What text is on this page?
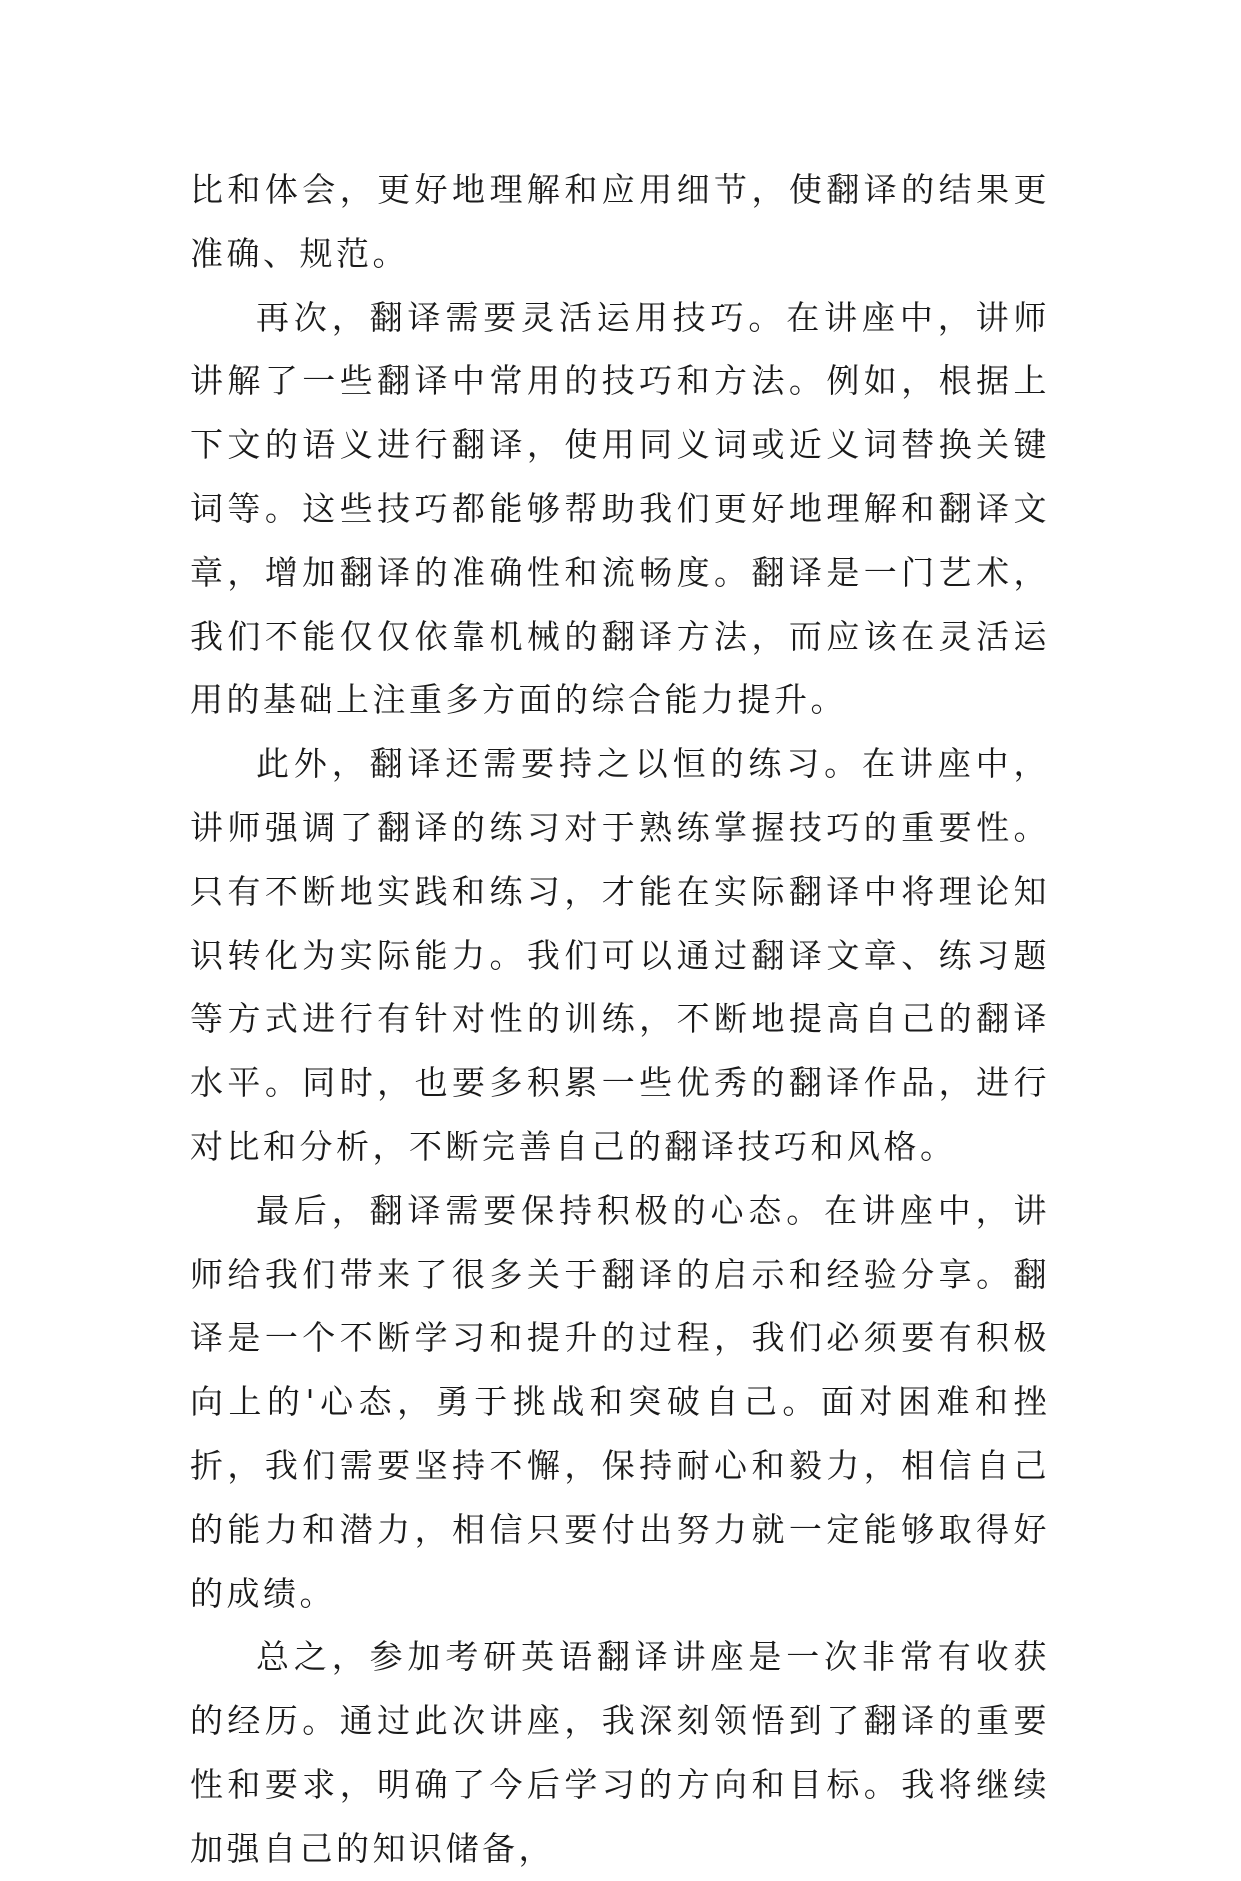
比和体会，更好地理解和应用细节，使翻译的结果更准确、规范。

再次，翻译需要灵活运用技巧。在讲座中，讲师讲解了一些翻译中常用的技巧和方法。例如，根据上下文的语义进行翻译，使用同义词或近义词替换关键词等。这些技巧都能够帮助我们更好地理解和翻译文章，增加翻译的准确性和流畅度。翻译是一门艺术，我们不能仅仅依靠机械的翻译方法，而应该在灵活运用的基础上注重多方面的综合能力提升。

此外，翻译还需要持之以恒的练习。在讲座中，讲师强调了翻译的练习对于熟练掌握技巧的重要性。只有不断地实践和练习，才能在实际翻译中将理论知识转化为实际能力。我们可以通过翻译文章、练习题等方式进行有针对性的训练，不断地提高自己的翻译水平。同时，也要多积累一些优秀的翻译作品，进行对比和分析，不断完善自己的翻译技巧和风格。

最后，翻译需要保持积极的心态。在讲座中，讲师给我们带来了很多关于翻译的启示和经验分享。翻译是一个不断学习和提升的过程，我们必须要有积极向上的'心态，勇于挑战和突破自己。面对困难和挫折，我们需要坚持不懈，保持耐心和毅力，相信自己的能力和潜力，相信只要付出努力就一定能够取得好的成绩。

总之，参加考研英语翻译讲座是一次非常有收获的经历。通过此次讲座，我深刻领悟到了翻译的重要性和要求，明确了今后学习的方向和目标。我将继续加强自己的知识储备，
